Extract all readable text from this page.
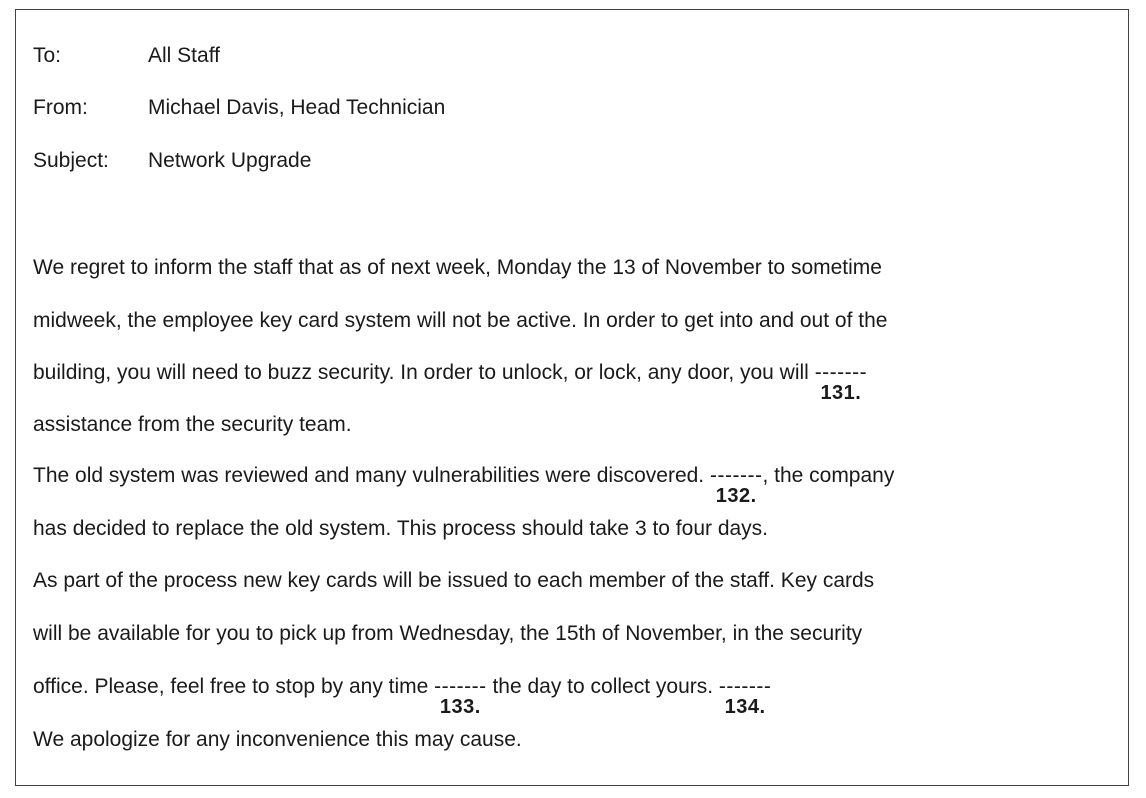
To:	All Staff
From:	Michael Davis, Head Technician
Subject: Network Upgrade
We regret to inform the staff that as of next week, Monday the 13 of November to sometime
midweek, the employee key card system will not be active. In order to get into and out of the
building, you will need to buzz security. In order to unlock, or lock, any door, you will -------
131.
assistance from the security team.
The old system was reviewed and many vulnerabilities were discovered. -------
132.
, the company
has decided to replace the old system. This process should take 3 to four days.
As part of the process new key cards will be issued to each member of the staff. Key cards
will be available for you to pick up from Wednesday, the 15th of November, in the security
office. Please, feel free to stop by any time -------
133.
the day to collect yours. -------
134.
We apologize for any inconvenience this may cause.
